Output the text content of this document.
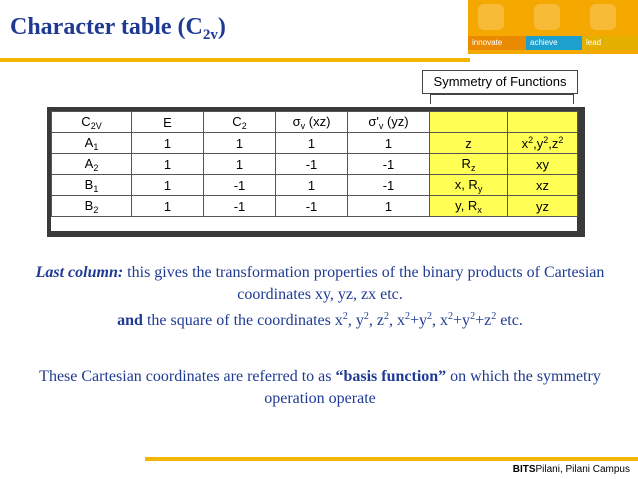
Character table $(C_{2v})$
innovate	achieve	lead
Symmetry of Functions
$C_{2V}$	E	$C_2$	$\sigma_v$ (xz)	$\sigma'_v$ (yz)		
$A_1$	1	1	1	1	z	$x^2,y^2,z^2$
$A_2$	1	1	-1	-1	$R_z$	xy
$B_1$	1	-1	1	-1	x, $R_y$	xz
$B_2$	1	-1	-1	1	y, $R_x$	yz

Last column: this gives the transformation properties of the binary products of Cartesian coordinates xy, yz, zx etc.
and the square of the coordinates $x^2$, $y^2$, $z^2$, $x^2+y^2$, $x^2+y^2+z^2$ etc.

These Cartesian coordinates are referred to as “basis function” on which the symmetry operation operate

BITSPilani, Pilani Campus
